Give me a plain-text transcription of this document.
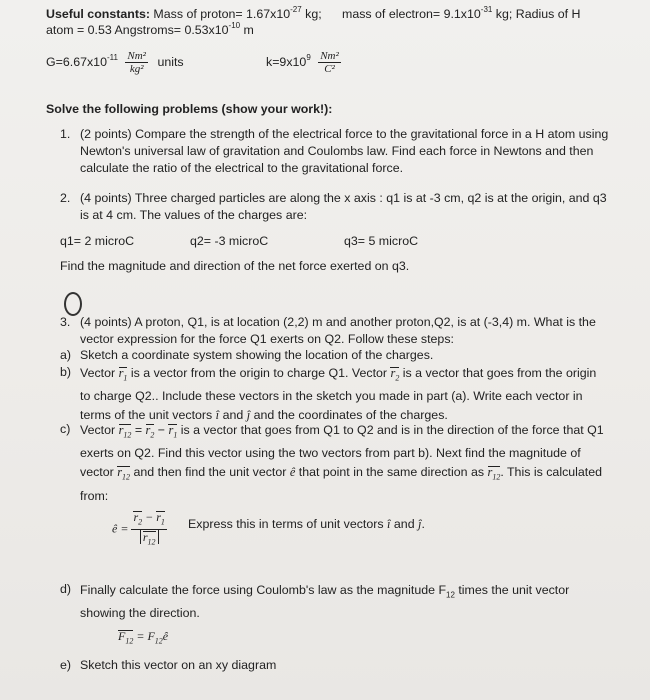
Useful constants: Mass of proton= $1.67x10^{-27}$ kg; mass of electron= $9.1x10^{-31}$ kg; Radius of H
atom = 0.53 Angstroms= $0.53x10^{-10}$ m
$G=6.67x10^{-11} \frac{\text{Nm²}}{\text{kg²}}$ units	$k=9x10^9 \frac{\text{Nm²}}{\text{C²}}$
Solve the following problems (show your work!):
1. (2 points) Compare the strength of the electrical force to the gravitational force in a H atom using Newton's universal law of gravitation and Coulombs law. Find each force in Newtons and then calculate the ratio of the electrical to the gravitational force.
2. (4 points) Three charged particles are along the x axis : q1 is at -3 cm, q2 is at the origin, and q3 is at 4 cm. The values of the charges are:
q1= 2 microC	q2= -3 microC	q3= 5 microC
Find the magnitude and direction of the net force exerted on q3.
3. (4 points) A proton, Q1, is at location (2,2) m and another proton,Q2, is at (-3,4) m. What is the vector expression for the force Q1 exerts on Q2. Follow these steps:
a) Sketch a coordinate system showing the location of the charges.
b) Vector $r_1$ is a vector from the origin to charge Q1. Vector $r_2$ is a vector that goes from the origin to charge Q2.. Include these vectors in the sketch you made in part (a). Write each vector in terms of the unit vectors î and ĵ and the coordinates of the charges.
c) Vector $r_{12} = r_2 - r_1$ is a vector that goes from Q1 to Q2 and is in the direction of the force that Q1 exerts on Q2. Find this vector using the two vectors from part b). Next find the magnitude of vector $r_{12}$ and then find the unit vector ê that point in the same direction as $r_{12}$. This is calculated from:
ê = $\frac{r_2 - r_1}{r_{12}}$ Express this in terms of unit vectors î and ĵ.
d) Finally calculate the force using Coulomb's law as the magnitude $F_{12}$ times the unit vector showing the direction.
$F_{12}$ = $F_{12}ê$
e) Sketch this vector on an xy diagram
